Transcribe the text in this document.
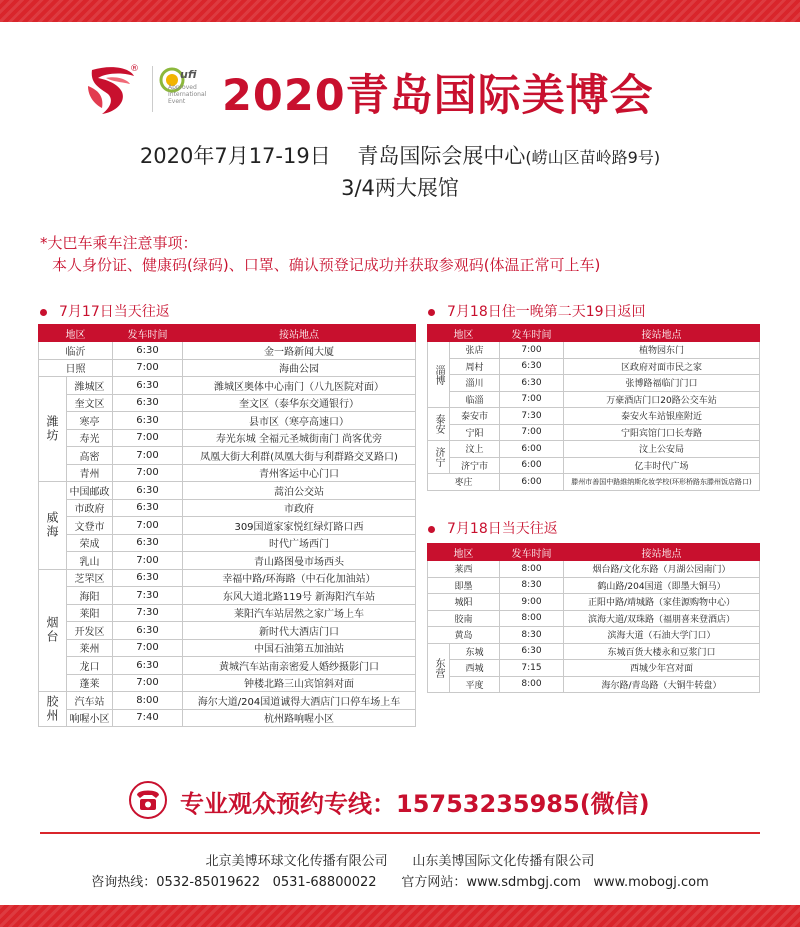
®	ufi
Approved
International
Event 2020青岛国际美博会
2020年7月17-19日 青岛国际会展中心(崂山区苗岭路9号)
3/4两大展馆
*大巴车乘车注意事项：
本人身份证、健康码(绿码)、口罩、确认预登记成功并获取参观码(体温正常可上车)
7月17日当天往返	7月18日住一晚第二天19日返回
7月18日当天往返
地区		发车时间	接站地点
临沂		6:30	金一路新闻大厦
日照		7:00	海曲公园
潍坊	潍城区	6:30	潍城区奥体中心南门（八九医院对面）
	奎文区	6:30	奎文区（泰华东交通银行）
	寒亭	6:30	县市区（寒亭高速口）
	寿光	7:00	寿光东城 全福元圣城街南门 尚客优旁
	高密	7:00	凤凰大街大利群(凤凰大街与利群路交叉路口)
	青州	7:00	青州客运中心门口
威海	中国邮政	6:30	蒿泊公交站
	市政府	6:30	市政府
	文登市	7:00	309国道家家悦红绿灯路口西
	荣成	6:30	时代广场西门
	乳山	7:00	青山路图曼市场西头
烟台	芝罘区	6:30	幸福中路/环海路（中石化加油站）
	海阳	7:30	东风大道北路119号 新海阳汽车站
	莱阳	7:30	莱阳汽车站居然之家广场上车
	开发区	6:30	新时代大酒店门口
	莱州	7:00	中国石油第五加油站
	龙口	6:30	黄城汽车站南亲密爱人婚纱摄影门口
	蓬莱	7:00	钟楼北路三山宾馆斜对面
胶州	汽车站	8:00	海尔大道/204国道诚得大酒店门口停车场上车
	响喔小区	7:40	杭州路响喔小区
地区		发车时间	接站地点
淄博	张店	7:00	植物园东门
	周村	6:30	区政府对面市民之家
	淄川	6:30	张博路福临门门口
	临淄	7:00	万豪酒店门口20路公交车站
泰安	泰安市	7:30	泰安火车站银座附近
	宁阳	7:00	宁阳宾馆门口长寿路
济宁	汶上	6:00	汶上公安局
	济宁市	6:00	亿丰时代广场
枣庄		6:00	滕州市善国中路維纳斯化妆学校(环形桥路东滕州饭店路口)
地区		发车时间	接站地点
莱西		8:00	烟台路/文化东路（月湖公园南门）
即墨		8:30	鹤山路/204国道（即墨大铜马）
城阳		9:00	正阳中路/靖城路（家佳源购物中心）
胶南		8:00	滨海大道/双珠路（福朋喜来登酒店）
黄岛		8:30	滨海大道（石油大学门口）
东营	东城	6:30	东城百货大楼永和豆浆门口
	西城	7:15	西城少年宫对面
	平度	8:00	海尔路/青岛路（大铜牛转盘）
专业观众预约专线：15753235985(微信)
北京美博环球文化传播有限公司 山东美博国际文化传播有限公司
咨询热线：0532-85019622 0531-68800022 官方网站：www.sdmbgj.com www.mobogj.com
